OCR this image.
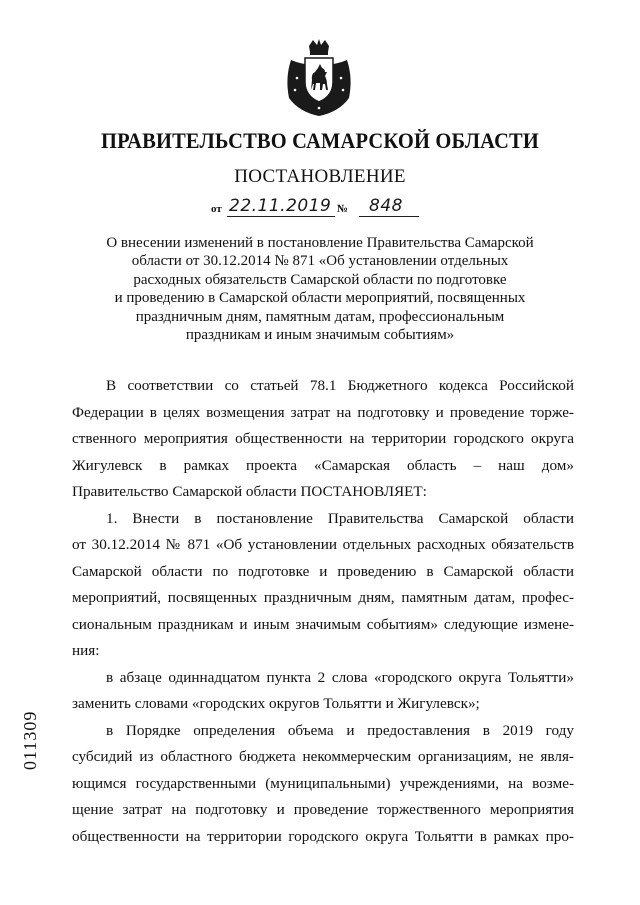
ПРАВИТЕЛЬСТВО САМАРСКОЙ ОБЛАСТИ
ПОСТАНОВЛЕНИЕ
от 22.11.2019 № 848
О внесении изменений в постановление Правительства Самарской
области от 30.12.2014 № 871 «Об установлении отдельных
расходных обязательств Самарской области по подготовке
и проведению в Самарской области мероприятий, посвященных
праздничным дням, памятным датам, профессиональным
праздникам и иным значимым событиям»

В соответствии со статьей 78.1 Бюджетного кодекса Российской
Федерации в целях возмещения затрат на подготовку и проведение торже-
ственного мероприятия общественности на территории городского округа
Жигулевск в рамках проекта «Самарская область – наш дом»
Правительство Самарской области ПОСТАНОВЛЯЕТ:

1. Внести в постановление Правительства Самарской области
от 30.12.2014 № 871 «Об установлении отдельных расходных обязательств
Самарской области по подготовке и проведению в Самарской области
мероприятий, посвященных праздничным дням, памятным датам, профес-
сиональным праздникам и иным значимым событиям» следующие измене-
ния:

в абзаце одиннадцатом пункта 2 слова «городского округа Тольятти»
заменить словами «городских округов Тольятти и Жигулевск»;

в Порядке определения объема и предоставления в 2019 году
субсидий из областного бюджета некоммерческим организациям, не явля-
ющимся государственными (муниципальными) учреждениями, на возме-
щение затрат на подготовку и проведение торжественного мероприятия
общественности на территории городского округа Тольятти в рамках про-

011309
